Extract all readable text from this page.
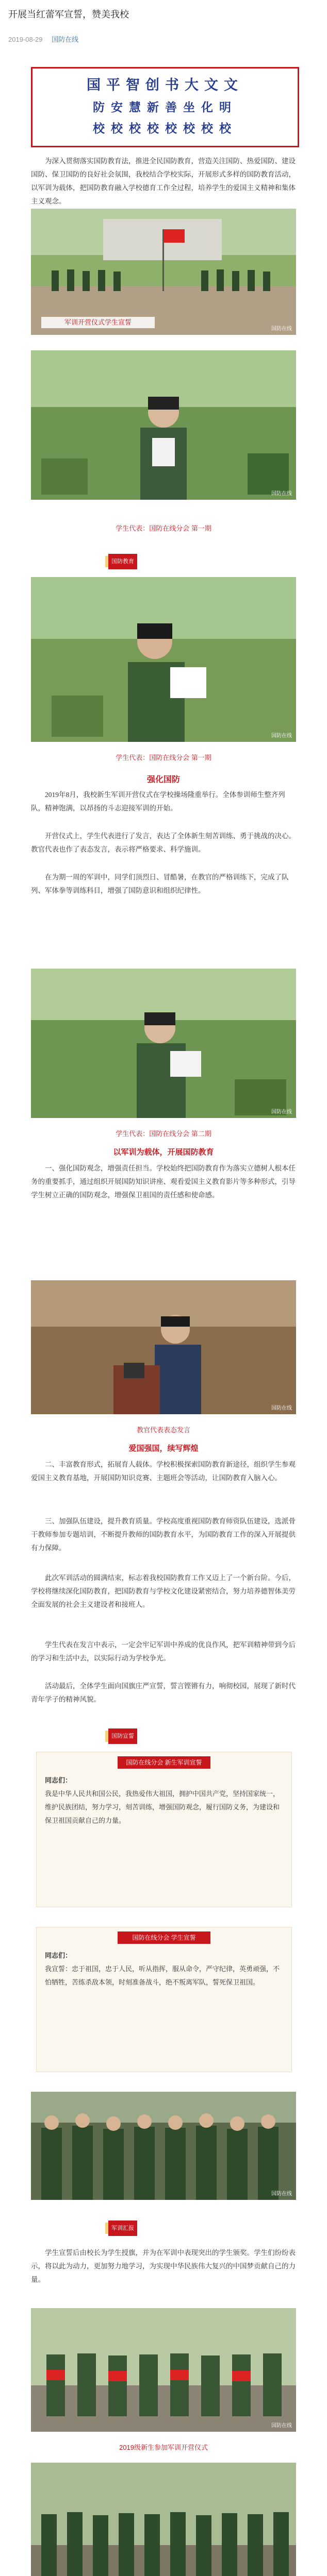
开展当红蕾军宣誓，赞美我校
2019-08-29 国防在线
国平智创书大文文
防安慧新善坐化明
校校校校校校校校
为深入贯彻落实国防教育法，推进全民国防教育，营造关注国防、热爱国防、建设国防、保卫国防的良好社会氛围，我校结合学校实际，开展形式多样的国防教育活动，以军训为载体，把国防教育融入学校德育工作全过程，培养学生的爱国主义精神和集体主义观念。
国防在线
军训开营仪式学生宣誓
国防在线
学生代表：国防在线分会 第一期
国防教育
国防在线
学生代表：国防在线分会 第一期
强化国防
2019年8月，我校新生军训开营仪式在学校操场隆重举行。全体参训师生整齐列队，精神饱满，以昂扬的斗志迎接军训的开始。
开营仪式上，学生代表进行了发言，表达了全体新生刻苦训练、勇于挑战的决心。教官代表也作了表态发言，表示将严格要求、科学施训。
在为期一周的军训中，同学们顶烈日、冒酷暑，在教官的严格训练下，完成了队列、军体拳等训练科目，增强了国防意识和组织纪律性。
国防在线
学生代表：国防在线分会 第二期
以军训为载体，开展国防教育
一、强化国防观念，增强责任担当。学校始终把国防教育作为落实立德树人根本任务的重要抓手，通过组织开展国防知识讲座、观看爱国主义教育影片等多种形式，引导学生树立正确的国防观念，增强保卫祖国的责任感和使命感。
国防在线
教官代表表态发言
爱国强国，续写辉煌
二、丰富教育形式，拓展育人载体。学校积极探索国防教育新途径，组织学生参观爱国主义教育基地，开展国防知识竞赛、主题班会等活动，让国防教育入脑入心。
三、加强队伍建设，提升教育质量。学校高度重视国防教育师资队伍建设，选派骨干教师参加专题培训，不断提升教师的国防教育水平，为国防教育工作的深入开展提供有力保障。
此次军训活动的圆满结束，标志着我校国防教育工作又迈上了一个新台阶。今后，学校将继续深化国防教育，把国防教育与学校文化建设紧密结合，努力培养德智体美劳全面发展的社会主义建设者和接班人。
学生代表在发言中表示，一定会牢记军训中养成的优良作风，把军训精神带到今后的学习和生活中去，以实际行动为学校争光。
活动最后，全体学生面向国旗庄严宣誓，誓言铿锵有力，响彻校园，展现了新时代青年学子的精神风貌。
国防宣誓
国防在线分会 新生军训宣誓
同志们：
我是中华人民共和国公民，我热爱伟大祖国，拥护中国共产党，坚持国家统一，维护民族团结，努力学习，刻苦训练，增强国防观念，履行国防义务，为建设和保卫祖国贡献自己的力量。
国防在线分会 学生宣誓
同志们：
我宣誓：忠于祖国，忠于人民，听从指挥，服从命令，严守纪律，英勇顽强，不怕牺牲，苦练杀敌本领，时刻准备战斗，绝不叛离军队，誓死保卫祖国。
国防在线
军训汇报
学生宣誓后由校长为学生授旗，并为在军训中表现突出的学生颁奖。学生们纷纷表示，将以此为动力，更加努力地学习，为实现中华民族伟大复兴的中国梦贡献自己的力量。
国防在线
2019级新生参加军训开营仪式
